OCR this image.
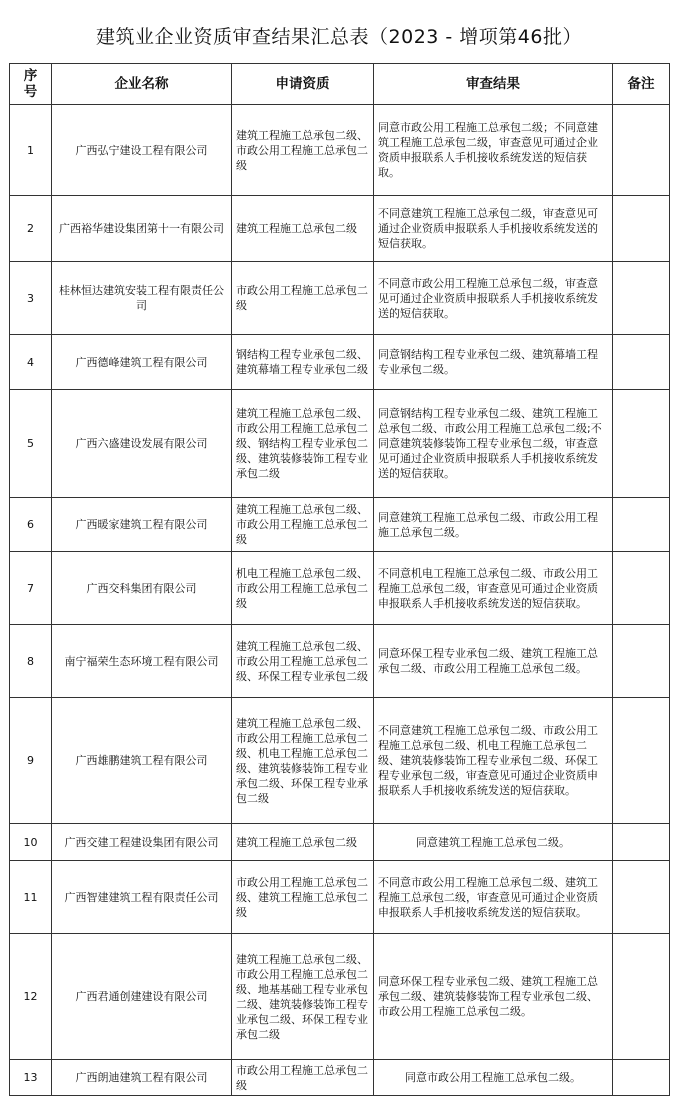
建筑业企业资质审查结果汇总表（2023 - 增项第46批）
序号	企业名称	申请资质	审查结果	备注
1	广西弘宁建设工程有限公司	建筑工程施工总承包二级、市政公用工程施工总承包二级	同意市政公用工程施工总承包二级；不同意建筑工程施工总承包二级，审查意见可通过企业资质申报联系人手机接收系统发送的短信获取。	
2	广西裕华建设集团第十一有限公司	建筑工程施工总承包二级	不同意建筑工程施工总承包二级，审查意见可通过企业资质申报联系人手机接收系统发送的短信获取。	
3	桂林恒达建筑安装工程有限责任公司	市政公用工程施工总承包二级	不同意市政公用工程施工总承包二级，审查意见可通过企业资质申报联系人手机接收系统发送的短信获取。	
4	广西德峰建筑工程有限公司	钢结构工程专业承包二级、建筑幕墙工程专业承包二级	同意钢结构工程专业承包二级、建筑幕墙工程专业承包二级。	
5	广西六盛建设发展有限公司	建筑工程施工总承包二级、市政公用工程施工总承包二级、钢结构工程专业承包二级、建筑装修装饰工程专业承包二级	同意钢结构工程专业承包二级、建筑工程施工总承包二级、市政公用工程施工总承包二级;不同意建筑装修装饰工程专业承包二级，审查意见可通过企业资质申报联系人手机接收系统发送的短信获取。	
6	广西暖家建筑工程有限公司	建筑工程施工总承包二级、市政公用工程施工总承包二级	同意建筑工程施工总承包二级、市政公用工程施工总承包二级。	
7	广西交科集团有限公司	机电工程施工总承包二级、市政公用工程施工总承包二级	不同意机电工程施工总承包二级、市政公用工程施工总承包二级，审查意见可通过企业资质申报联系人手机接收系统发送的短信获取。	
8	南宁福荣生态环境工程有限公司	建筑工程施工总承包二级、市政公用工程施工总承包二级、环保工程专业承包二级	同意环保工程专业承包二级、建筑工程施工总承包二级、市政公用工程施工总承包二级。	
9	广西雄鹏建筑工程有限公司	建筑工程施工总承包二级、市政公用工程施工总承包二级、机电工程施工总承包二级、建筑装修装饰工程专业承包二级、环保工程专业承包二级	不同意建筑工程施工总承包二级、市政公用工程施工总承包二级、机电工程施工总承包二级、建筑装修装饰工程专业承包二级、环保工程专业承包二级，审查意见可通过企业资质申报联系人手机接收系统发送的短信获取。	
10	广西交建工程建设集团有限公司	建筑工程施工总承包二级	同意建筑工程施工总承包二级。	
11	广西智建建筑工程有限责任公司	市政公用工程施工总承包二级、建筑工程施工总承包二级	不同意市政公用工程施工总承包二级、建筑工程施工总承包二级，审查意见可通过企业资质申报联系人手机接收系统发送的短信获取。	
12	广西君通创建建设有限公司	建筑工程施工总承包二级、市政公用工程施工总承包二级、地基基础工程专业承包二级、建筑装修装饰工程专业承包二级、环保工程专业承包二级	同意环保工程专业承包二级、建筑工程施工总承包二级、建筑装修装饰工程专业承包二级、市政公用工程施工总承包二级。	
13	广西朗迪建筑工程有限公司	市政公用工程施工总承包二级	同意市政公用工程施工总承包二级。	
